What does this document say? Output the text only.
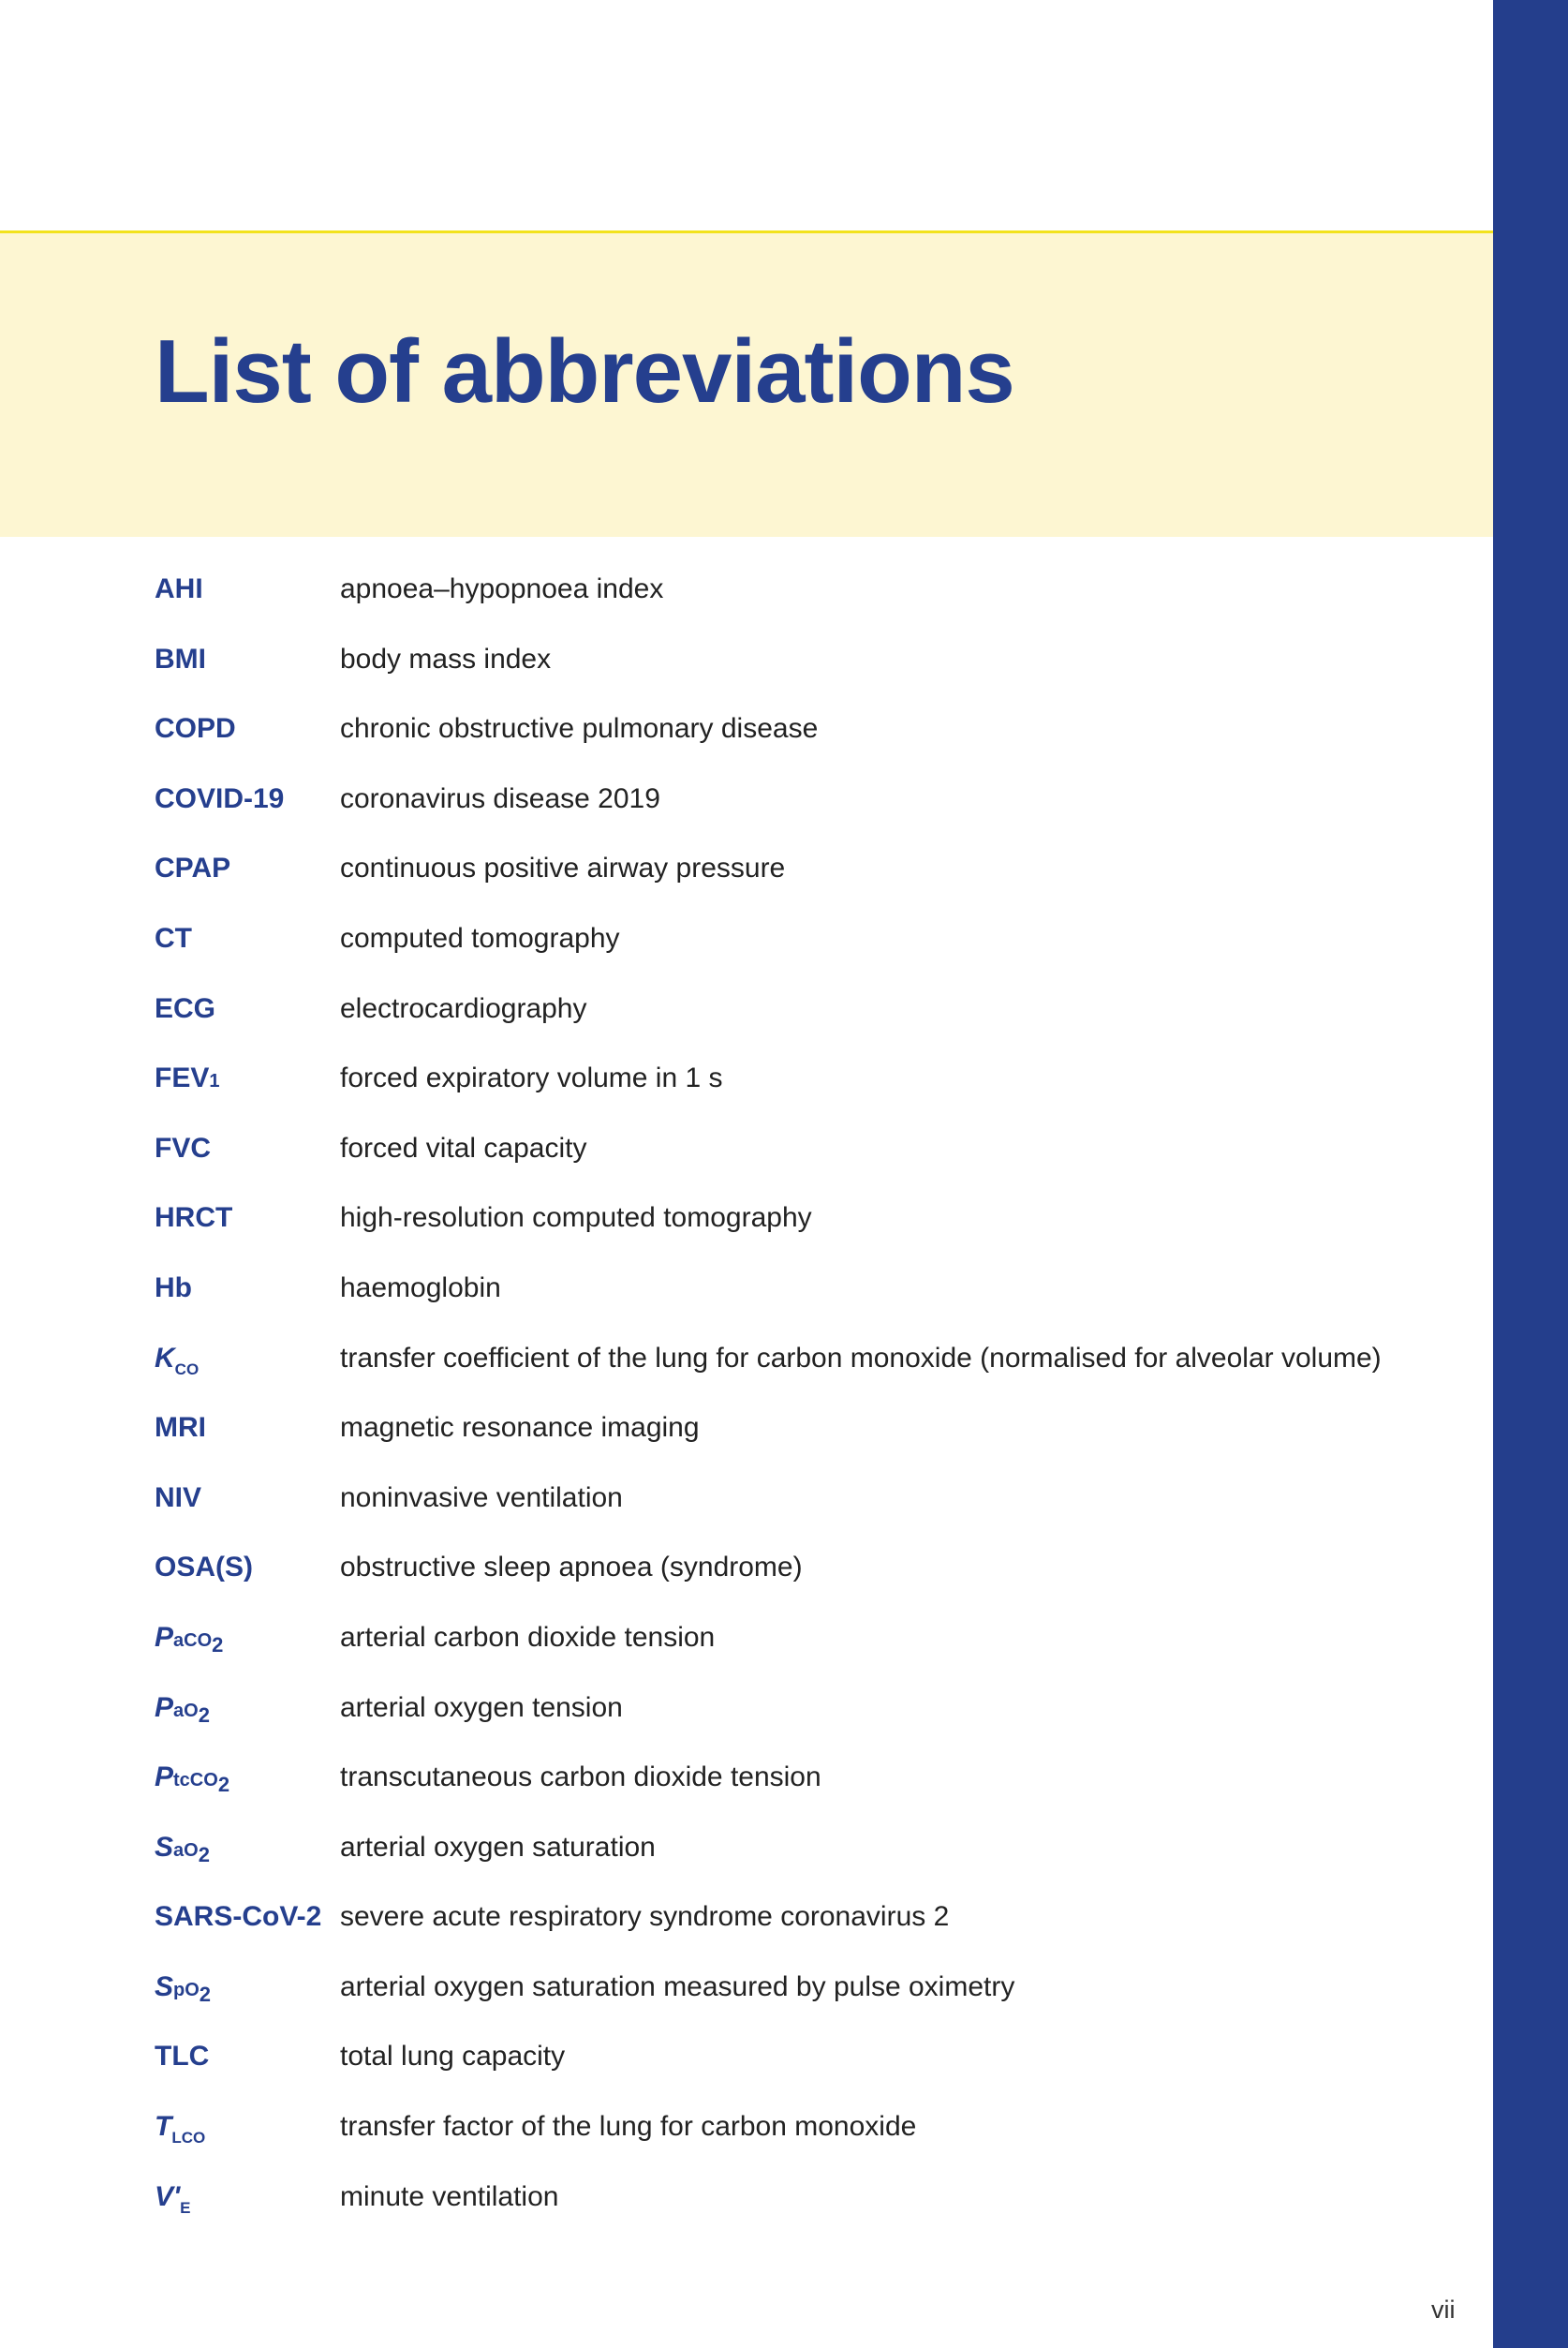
List of abbreviations
AHI	apnoea–hypopnoea index
BMI	body mass index
COPD	chronic obstructive pulmonary disease
COVID-19	coronavirus disease 2019
CPAP	continuous positive airway pressure
CT	computed tomography
ECG	electrocardiography
FEV1	forced expiratory volume in 1 s
FVC	forced vital capacity
HRCT	high-resolution computed tomography
Hb	haemoglobin
$K_{CO}$	transfer coefficient of the lung for carbon monoxide (normalised for alveolar volume)
MRI	magnetic resonance imaging
NIV	noninvasive ventilation
OSA(S)	obstructive sleep apnoea (syndrome)
PaCO$_2$	arterial carbon dioxide tension
PaO$_2$	arterial oxygen tension
PtcCO$_2$	transcutaneous carbon dioxide tension
SaO$_2$	arterial oxygen saturation
SARS-CoV-2 severe acute respiratory syndrome coronavirus 2
SpO$_2$	arterial oxygen saturation measured by pulse oximetry
TLC	total lung capacity
$T_{LCO}$	transfer factor of the lung for carbon monoxide
$V'_E$	minute ventilation
vii
